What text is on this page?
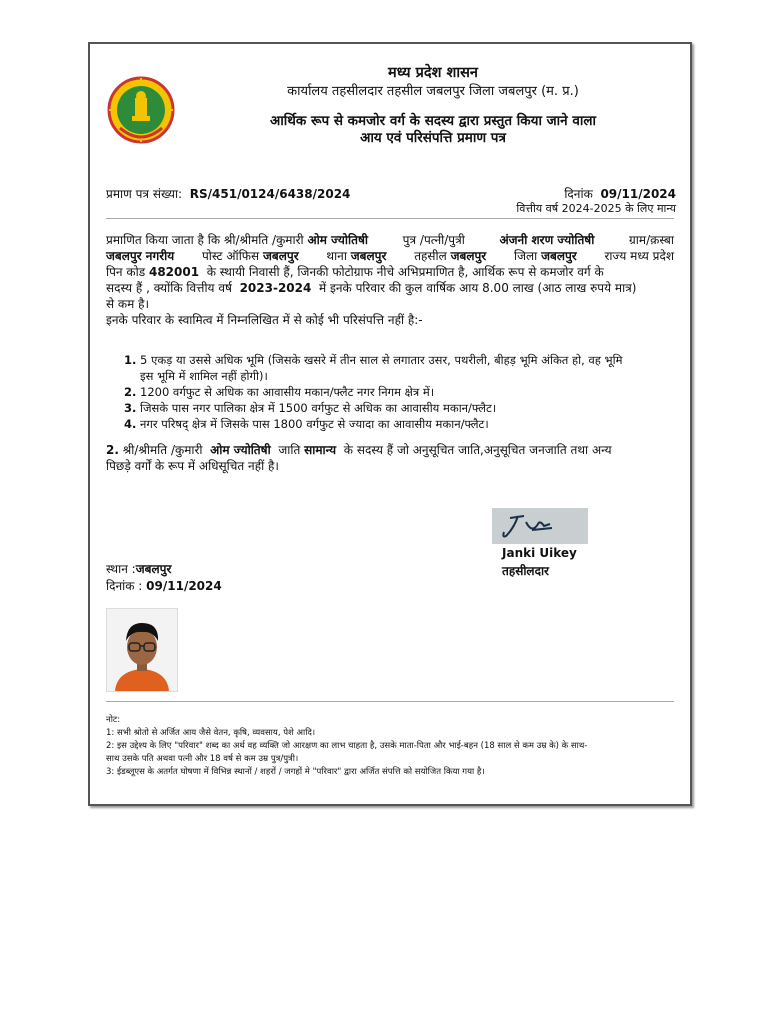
मध्य प्रदेश शासन
कार्यालय तहसीलदार तहसील जबलपुर जिला जबलपुर (म. प्र.)
आर्थिक रूप से कमजोर वर्ग के सदस्य द्वारा प्रस्तुत किया जाने वाला
आय एवं परिसंपत्ति प्रमाण पत्र
प्रमाण पत्र संख्या: RS/451/0124/6438/2024	दिनांक 09/11/2024
वित्तीय वर्ष 2024-2025 के लिए मान्य
प्रमाणित किया जाता है कि श्री/श्रीमति /कुमारी ओम ज्योतिषी	पुत्र /पत्नी/पुत्री	अंजनी शरण ज्योतिषी	ग्राम/क़स्बा
जबलपुर नगरीय पोस्ट ऑफिस जबलपुर थाना जबलपुर तहसील जबलपुर जिला जबलपुर राज्य मध्य प्रदेश
पिन कोड 482001 के स्थायी निवासी हैं, जिनकी फोटोग्राफ नीचे अभिप्रमाणित है, आर्थिक रूप से कमजोर वर्ग के
सदस्य हैं , क्योंकि वित्तीय वर्ष 2023-2024 में इनके परिवार की कुल वार्षिक आय 8.00 लाख (आठ लाख रुपये मात्र)
से कम है।
इनके परिवार के स्वामित्व में निम्नलिखित में से कोई भी परिसंपत्ति नहीं है:-
1. 5 एकड़ या उससे अधिक भूमि (जिसके खसरे में तीन साल से लगातार उसर, पथरीली, बीहड़ भूमि अंकित हो, वह भूमि
इस भूमि में शामिल नहीं होगी)।
2. 1200 वर्गफुट से अधिक का आवासीय मकान/फ्लैट नगर निगम क्षेत्र में।
3. जिसके पास नगर पालिका क्षेत्र में 1500 वर्गफुट से अधिक का आवासीय मकान/फ्लैट।
4. नगर परिषद् क्षेत्र में जिसके पास 1800 वर्गफुट से ज्यादा का आवासीय मकान/फ्लैट।
2. श्री/श्रीमति /कुमारी ओम ज्योतिषी जाति सामान्य के सदस्य हैं जो अनुसूचित जाति,अनुसूचित जनजाति तथा अन्य
पिछड़े वर्गों के रूप में अधिसूचित नहीं है।
Janki Uikey
तहसीलदार
स्थान :जबलपुर
दिनांक : 09/11/2024
नोट:
1: सभी श्रोतो से अर्जित आय जैसे वेतन, कृषि, व्यवसाय, पेशे आदि।
2: इस उद्देश्य के लिए "परिवार" शब्द का अर्थ वह व्यक्ति जो आरक्षण का लाभ चाहता है, उसके माता-पिता और भाई-बहन (18 साल से कम उम्र के) के साथ-
साथ उसके पति अथवा पत्नी और 18 वर्ष से कम उम्र पुत्र/पुत्री।
3: ईडब्लूएस के अतर्गत घोषणा में विभिन्न स्थानों / शहरों / जगहों मे "परिवार" द्वारा अर्जित संपत्ति को सयोजित किया गया है।
